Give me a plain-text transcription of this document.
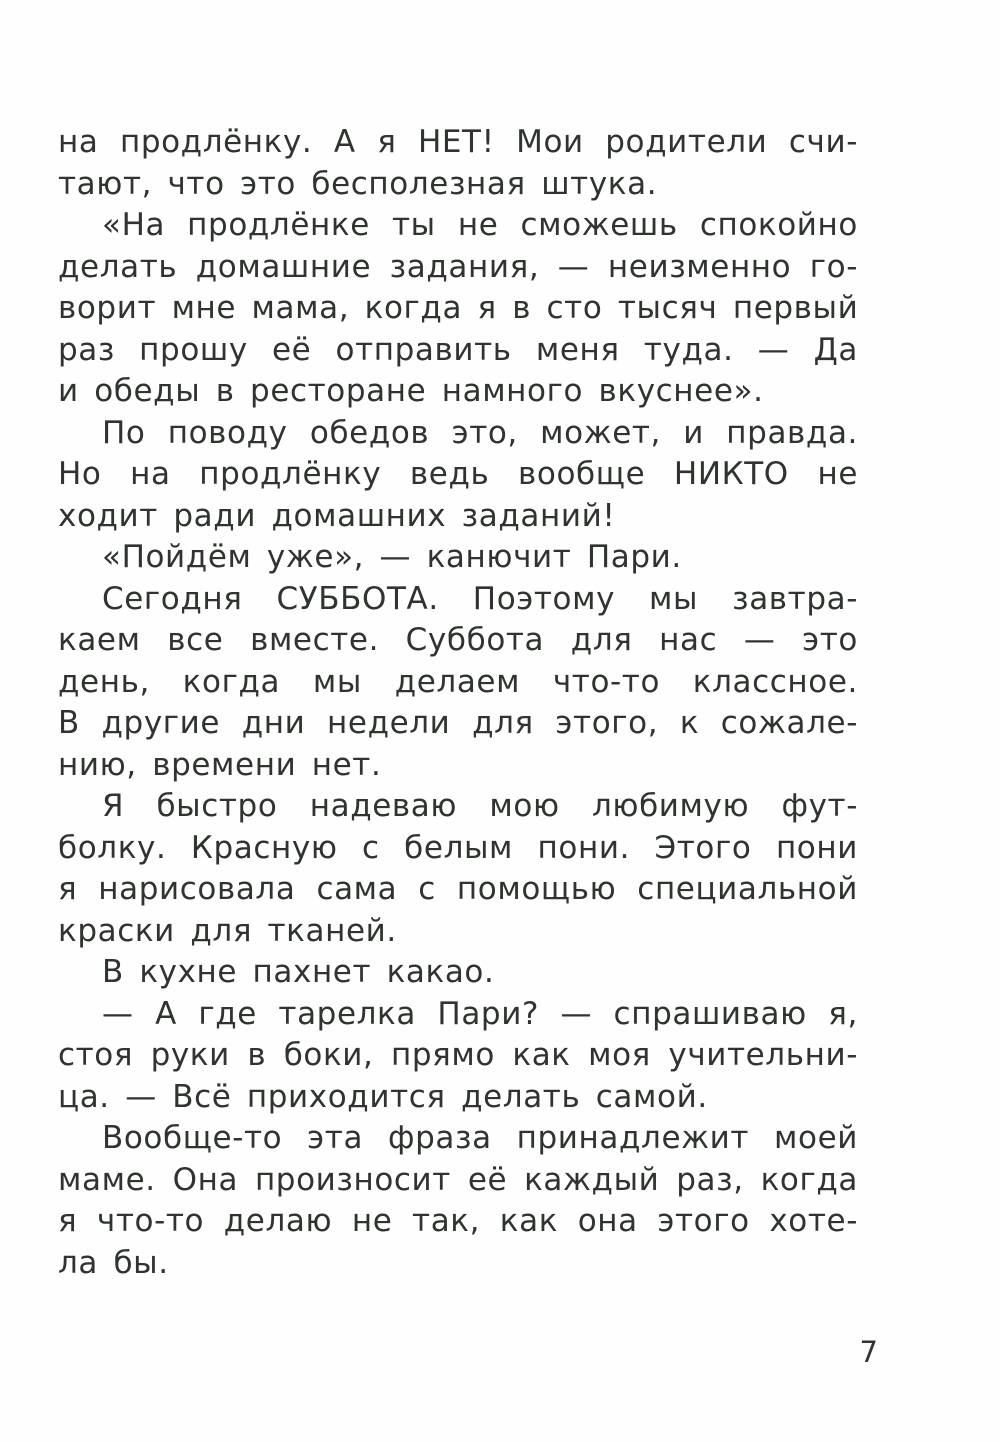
на продлёнку. А я НЕТ! Мои родители счи-
тают, что это бесполезная штука.
«На продлёнке ты не сможешь спокойно
делать домашние задания, — неизменно го-
ворит мне мама, когда я в сто тысяч первый
раз прошу её отправить меня туда. — Да
и обеды в ресторане намного вкуснее».
По поводу обедов это, может, и правда.
Но на продлёнку ведь вообще НИКТО не
ходит ради домашних заданий!
«Пойдём уже», — канючит Пари.
Сегодня СУББОТА. Поэтому мы завтра-
каем все вместе. Суббота для нас — это
день, когда мы делаем что-то классное.
В другие дни недели для этого, к сожале-
нию, времени нет.
Я быстро надеваю мою любимую фут-
болку. Красную с белым пони. Этого пони
я нарисовала сама с помощью специальной
краски для тканей.
В кухне пахнет какао.
— А где тарелка Пари? — спрашиваю я,
стоя руки в боки, прямо как моя учительни-
ца. — Всё приходится делать самой.
Вообще-то эта фраза принадлежит моей
маме. Она произносит её каждый раз, когда
я что-то делаю не так, как она этого хоте-
ла бы.
7
